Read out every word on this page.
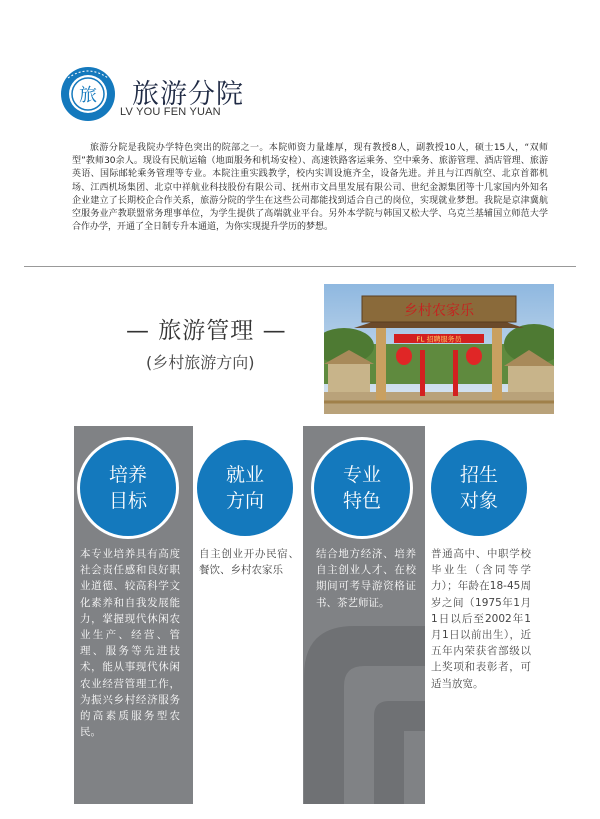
旅 旅游分院
LV YOU FEN YUAN
旅游分院是我院办学特色突出的院部之一。本院师资力量雄厚，现有教授8人，副教授10人，硕士15人，“双师型”教师30余人。现设有民航运输（地面服务和机场安检）、高速铁路客运乘务、空中乘务、旅游管理、酒店管理、旅游英语、国际邮轮乘务管理等专业。本院注重实践教学，校内实训设施齐全，设备先进。并且与江西航空、北京首都机场、江西机场集团、北京中祥航业科技股份有限公司、抚州市文昌里发展有限公司、世纪金源集团等十几家国内外知名企业建立了长期校企合作关系，旅游分院的学生在这些公司都能找到适合自己的岗位，实现就业梦想。我院是京津冀航空服务业产教联盟常务理事单位，为学生提供了高端就业平台。另外本学院与韩国又松大学、乌克兰基辅国立师范大学合作办学，开通了全日制专升本通道，为你实现提升学历的梦想。
— 旅游管理 —
(乡村旅游方向)
乡村农家乐
FL 招聘服务员
培养
目标
就业
方向
专业
特色
招生
对象
本专业培养具有高度社会责任感和良好职业道德、较高科学文化素养和自我发展能力，掌握现代休闲农业生产、经营、管理、服务等先进技术，能从事现代休闲农业经营管理工作，为振兴乡村经济服务的高素质服务型农民。
自主创业开办民宿、餐饮、乡村农家乐
结合地方经济、培养自主创业人才、在校期间可考导游资格证书、茶艺师证。
普通高中、中职学校毕业生（含同等学力）；年龄在18-45周岁之间（1975年1月1日以后至2002年1月1日以前出生），近五年内荣获省部级以上奖项和表彰者，可适当放宽。
